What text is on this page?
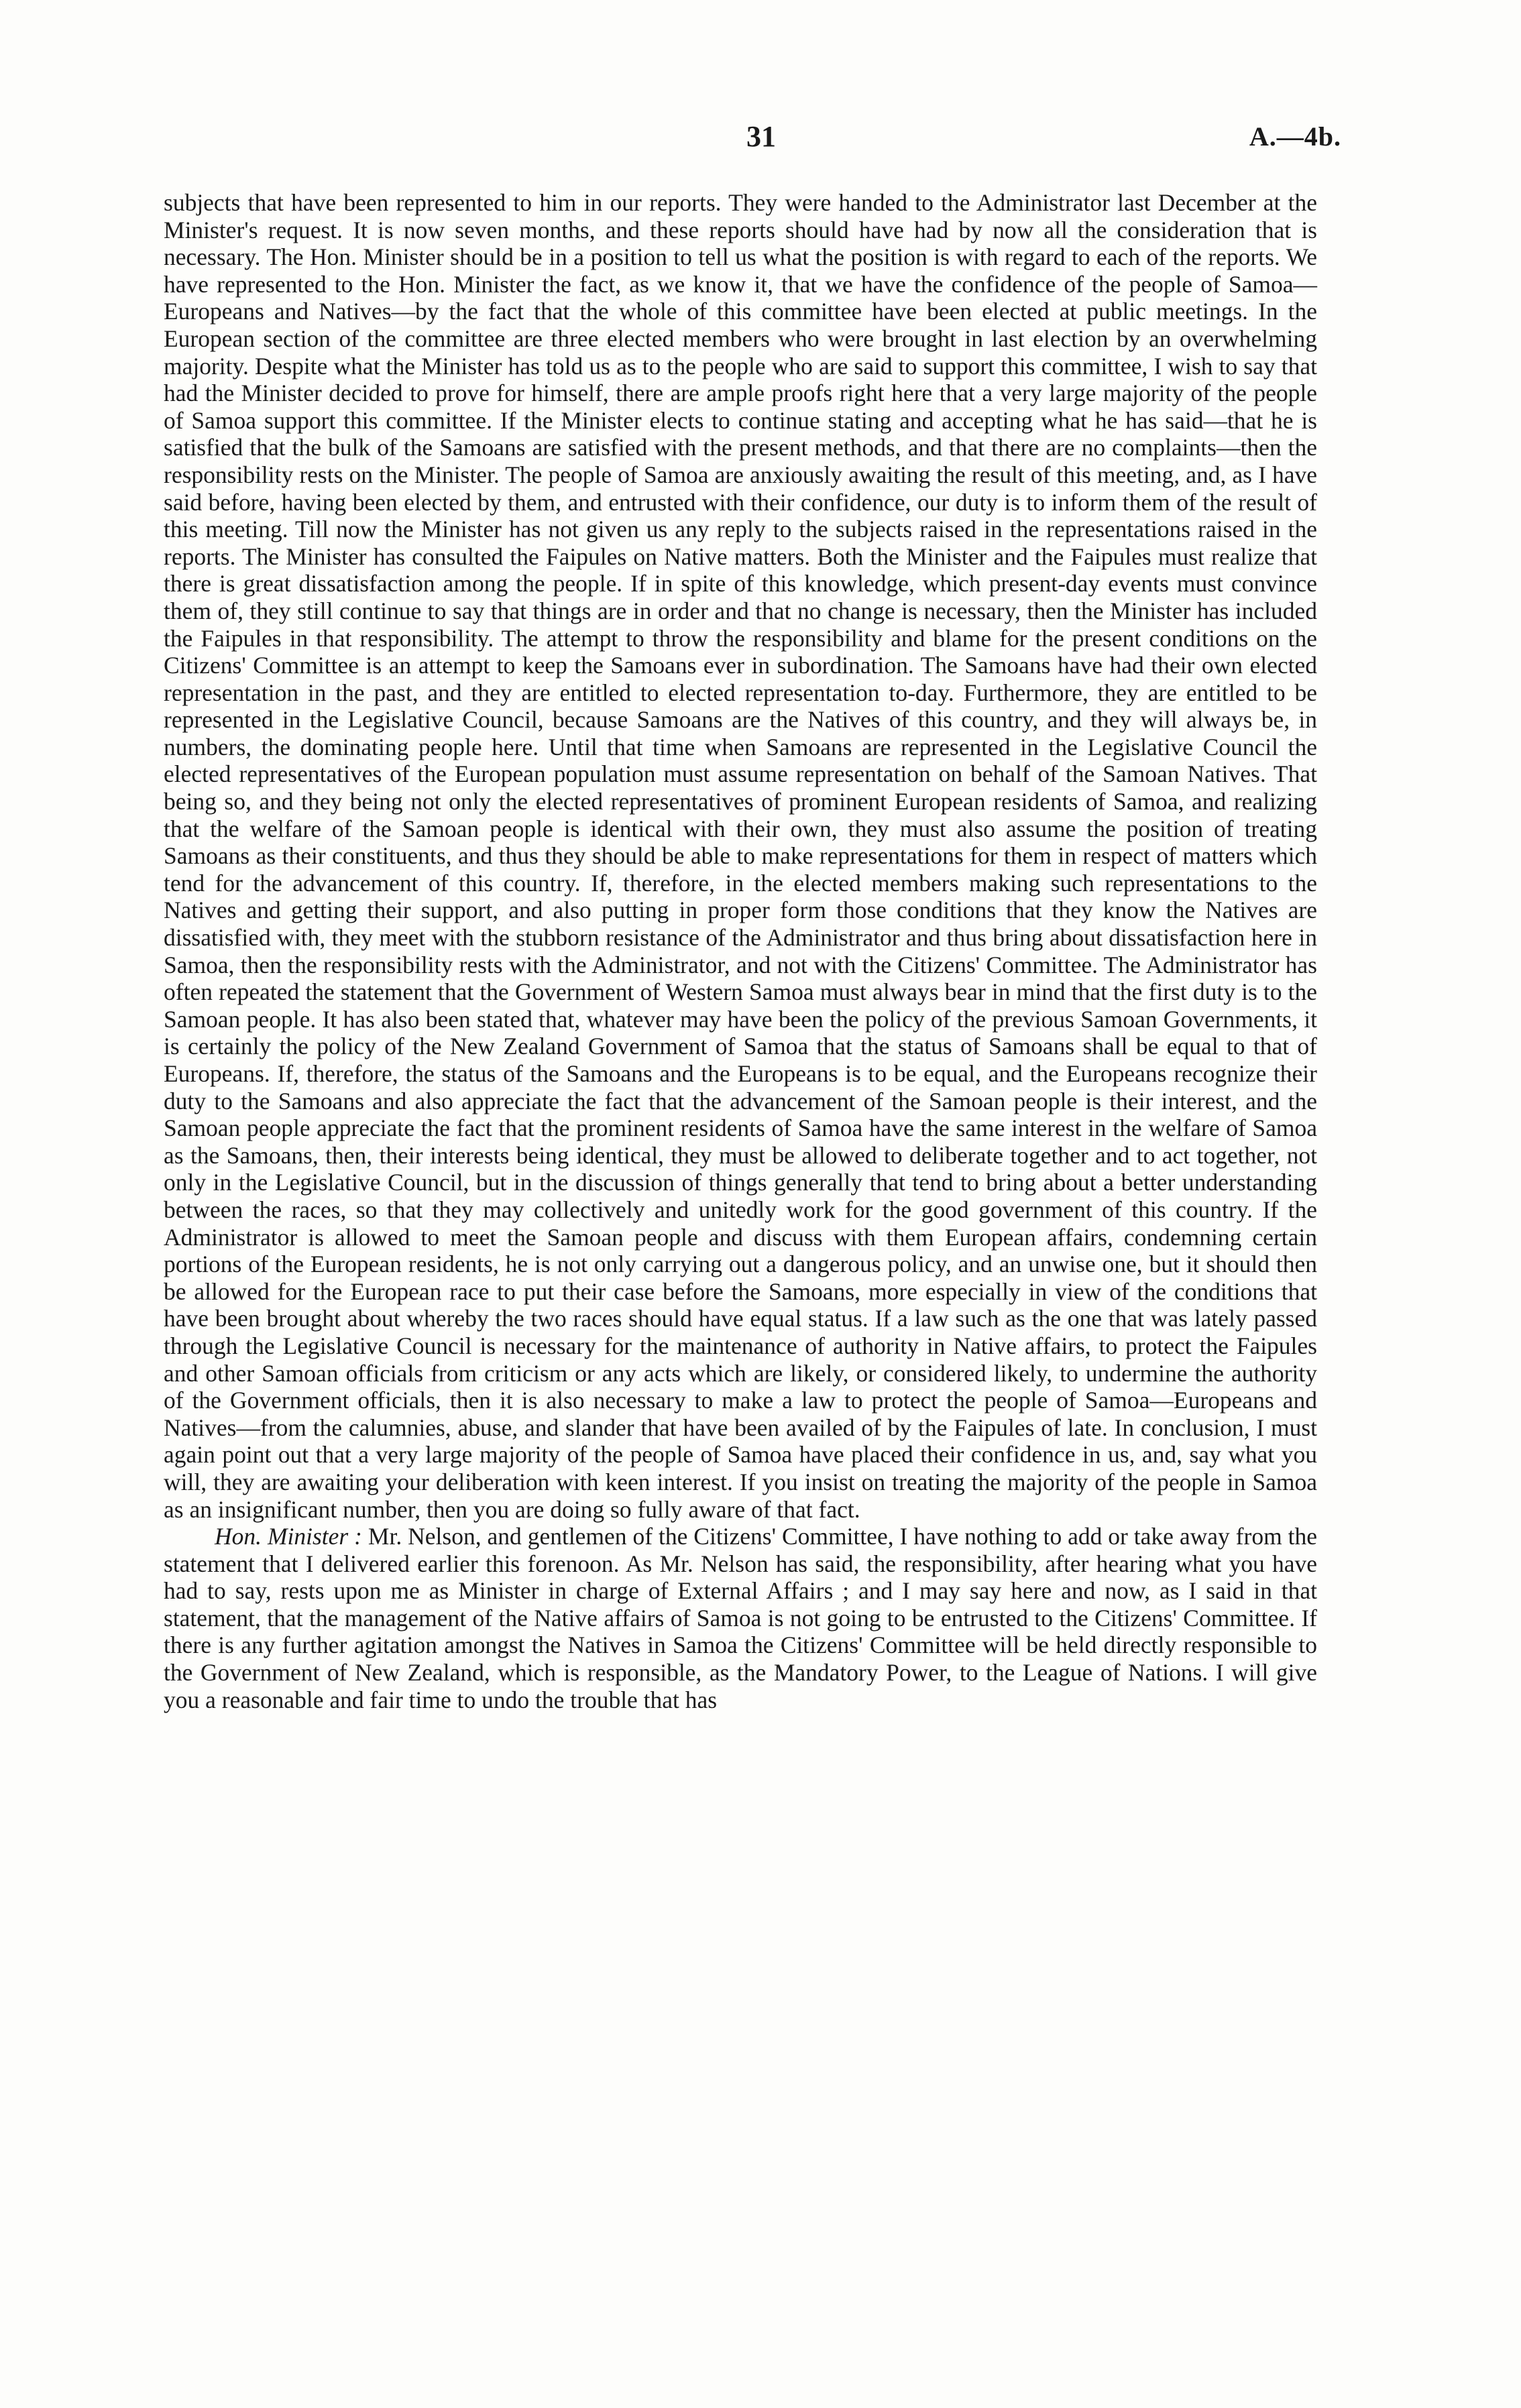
31	A.—4b.

subjects that have been represented to him in our reports. They were handed to the Administrator last December at the Minister's request. It is now seven months, and these reports should have had by now all the consideration that is necessary. The Hon. Minister should be in a position to tell us what the position is with regard to each of the reports. We have represented to the Hon. Minister the fact, as we know it, that we have the confidence of the people of Samoa—Europeans and Natives—by the fact that the whole of this committee have been elected at public meetings. In the European section of the committee are three elected members who were brought in last election by an overwhelming majority. Despite what the Minister has told us as to the people who are said to support this committee, I wish to say that had the Minister decided to prove for himself, there are ample proofs right here that a very large majority of the people of Samoa support this committee. If the Minister elects to continue stating and accepting what he has said—that he is satisfied that the bulk of the Samoans are satisfied with the present methods, and that there are no complaints—then the responsibility rests on the Minister. The people of Samoa are anxiously awaiting the result of this meeting, and, as I have said before, having been elected by them, and entrusted with their confidence, our duty is to inform them of the result of this meeting. Till now the Minister has not given us any reply to the subjects raised in the representations raised in the reports. The Minister has consulted the Faipules on Native matters. Both the Minister and the Faipules must realize that there is great dissatisfaction among the people. If in spite of this knowledge, which present-day events must convince them of, they still continue to say that things are in order and that no change is necessary, then the Minister has included the Faipules in that responsibility. The attempt to throw the responsibility and blame for the present conditions on the Citizens' Committee is an attempt to keep the Samoans ever in subordination. The Samoans have had their own elected representation in the past, and they are entitled to elected representation to-day. Furthermore, they are entitled to be represented in the Legislative Council, because Samoans are the Natives of this country, and they will always be, in numbers, the dominating people here. Until that time when Samoans are represented in the Legislative Council the elected representatives of the European population must assume representation on behalf of the Samoan Natives. That being so, and they being not only the elected representatives of prominent European residents of Samoa, and realizing that the welfare of the Samoan people is identical with their own, they must also assume the position of treating Samoans as their constituents, and thus they should be able to make representations for them in respect of matters which tend for the advancement of this country. If, therefore, in the elected members making such representations to the Natives and getting their support, and also putting in proper form those conditions that they know the Natives are dissatisfied with, they meet with the stubborn resistance of the Administrator and thus bring about dissatisfaction here in Samoa, then the responsibility rests with the Administrator, and not with the Citizens' Committee. The Administrator has often repeated the statement that the Government of Western Samoa must always bear in mind that the first duty is to the Samoan people. It has also been stated that, whatever may have been the policy of the previous Samoan Governments, it is certainly the policy of the New Zealand Government of Samoa that the status of Samoans shall be equal to that of Europeans. If, therefore, the status of the Samoans and the Europeans is to be equal, and the Europeans recognize their duty to the Samoans and also appreciate the fact that the advancement of the Samoan people is their interest, and the Samoan people appreciate the fact that the prominent residents of Samoa have the same interest in the welfare of Samoa as the Samoans, then, their interests being identical, they must be allowed to deliberate together and to act together, not only in the Legislative Council, but in the discussion of things generally that tend to bring about a better understanding between the races, so that they may collectively and unitedly work for the good government of this country. If the Administrator is allowed to meet the Samoan people and discuss with them European affairs, condemning certain portions of the European residents, he is not only carrying out a dangerous policy, and an unwise one, but it should then be allowed for the European race to put their case before the Samoans, more especially in view of the conditions that have been brought about whereby the two races should have equal status. If a law such as the one that was lately passed through the Legislative Council is necessary for the maintenance of authority in Native affairs, to protect the Faipules and other Samoan officials from criticism or any acts which are likely, or considered likely, to undermine the authority of the Government officials, then it is also necessary to make a law to protect the people of Samoa—Europeans and Natives—from the calumnies, abuse, and slander that have been availed of by the Faipules of late. In conclusion, I must again point out that a very large majority of the people of Samoa have placed their confidence in us, and, say what you will, they are awaiting your deliberation with keen interest. If you insist on treating the majority of the people in Samoa as an insignificant number, then you are doing so fully aware of that fact.

Hon. Minister : Mr. Nelson, and gentlemen of the Citizens' Committee, I have nothing to add or take away from the statement that I delivered earlier this forenoon. As Mr. Nelson has said, the responsibility, after hearing what you have had to say, rests upon me as Minister in charge of External Affairs ; and I may say here and now, as I said in that statement, that the management of the Native affairs of Samoa is not going to be entrusted to the Citizens' Committee. If there is any further agitation amongst the Natives in Samoa the Citizens' Committee will be held directly responsible to the Government of New Zealand, which is responsible, as the Mandatory Power, to the League of Nations. I will give you a reasonable and fair time to undo the trouble that has
